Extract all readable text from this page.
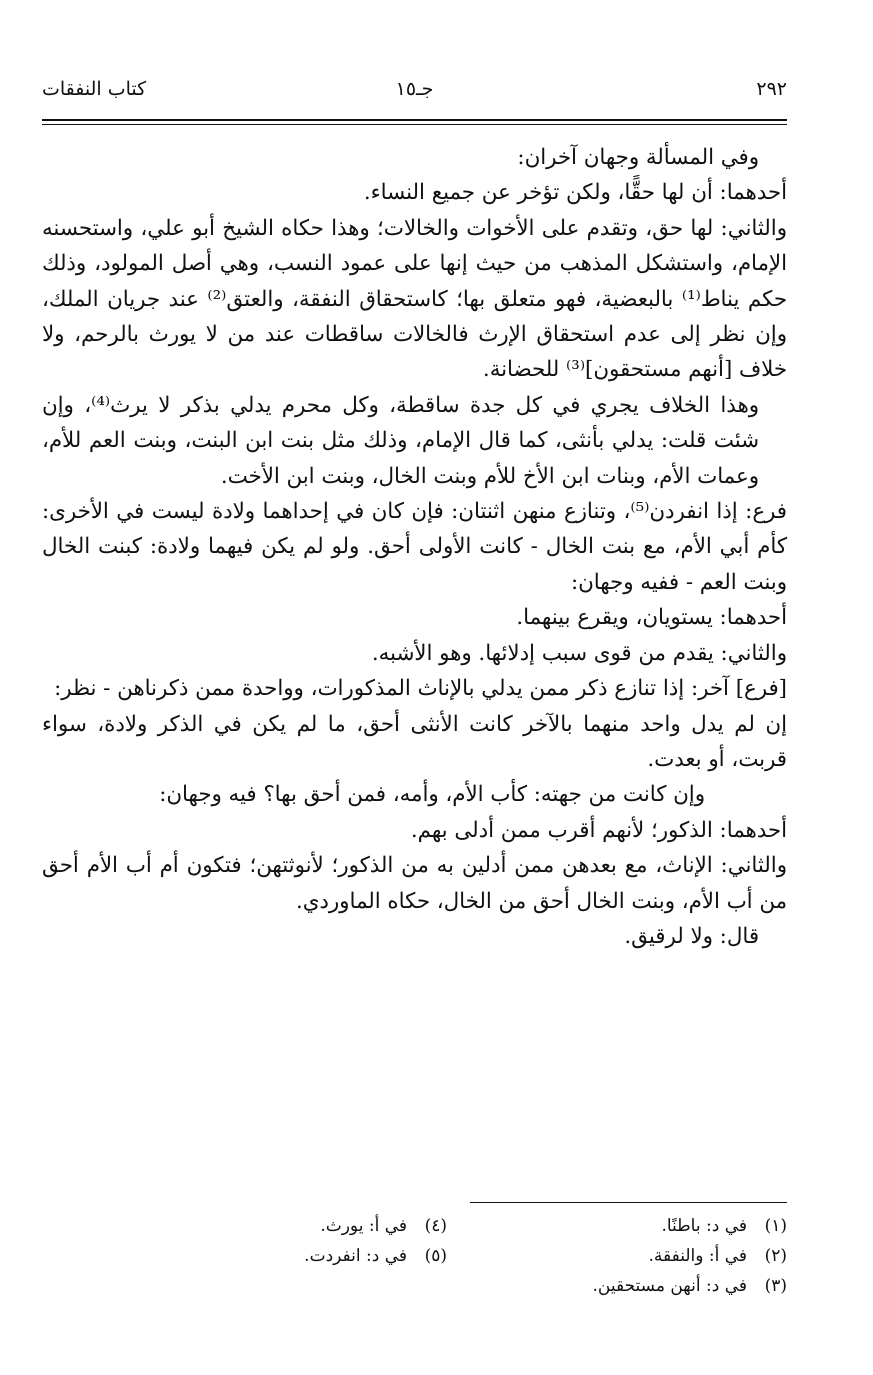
٢٩٢
جـ١٥
كتاب النفقات

وفي المسألة وجهان آخران:

أحدهما: أن لها حقًّا، ولكن تؤخر عن جميع النساء.

والثاني: لها حق، وتقدم على الأخوات والخالات؛ وهذا حكاه الشيخ أبو علي، واستحسنه الإمام، واستشكل المذهب من حيث إنها على عمود النسب، وهي أصل المولود، وذلك حكم يناط⁽¹⁾ بالبعضية، فهو متعلق بها؛ كاستحقاق النفقة، والعتق⁽²⁾ عند جريان الملك، وإن نظر إلى عدم استحقاق الإرث فالخالات ساقطات عند من لا يورث بالرحم، ولا خلاف [أنهم مستحقون]⁽³⁾ للحضانة.

وهذا الخلاف يجري في كل جدة ساقطة، وكل محرم يدلي بذكر لا يرث⁽⁴⁾، وإن شئت قلت: يدلي بأنثى، كما قال الإمام، وذلك مثل بنت ابن البنت، وبنت العم للأم، وعمات الأم، وبنات ابن الأخ للأم وبنت الخال، وبنت ابن الأخت.

فرع: إذا انفردن⁽⁵⁾، وتنازع منهن اثنتان: فإن كان في إحداهما ولادة ليست في الأخرى: كأم أبي الأم، مع بنت الخال - كانت الأولى أحق. ولو لم يكن فيهما ولادة: كبنت الخال وبنت العم - ففيه وجهان:

أحدهما: يستويان، ويقرع بينهما.

والثاني: يقدم من قوى سبب إدلائها. وهو الأشبه.

[فرع] آخر: إذا تنازع ذكر ممن يدلي بالإناث المذكورات، وواحدة ممن ذكرناهن - نظر:

إن لم يدل واحد منهما بالآخر كانت الأنثى أحق، ما لم يكن في الذكر ولادة، سواء قربت، أو بعدت.

وإن كانت من جهته: كأب الأم، وأمه، فمن أحق بها؟ فيه وجهان:

أحدهما: الذكور؛ لأنهم أقرب ممن أدلى بهم.

والثاني: الإناث، مع بعدهن ممن أدلين به من الذكور؛ لأنوثتهن؛ فتكون أم أب الأم أحق من أب الأم، وبنت الخال أحق من الخال، حكاه الماوردي.

قال: ولا لرقيق.

(١)في د: باطنًا.
(٢)في أ: والنفقة.
(٣)في د: أنهن مستحقين.
(٤)في أ: يورث.
(٥)في د: انفردت.
